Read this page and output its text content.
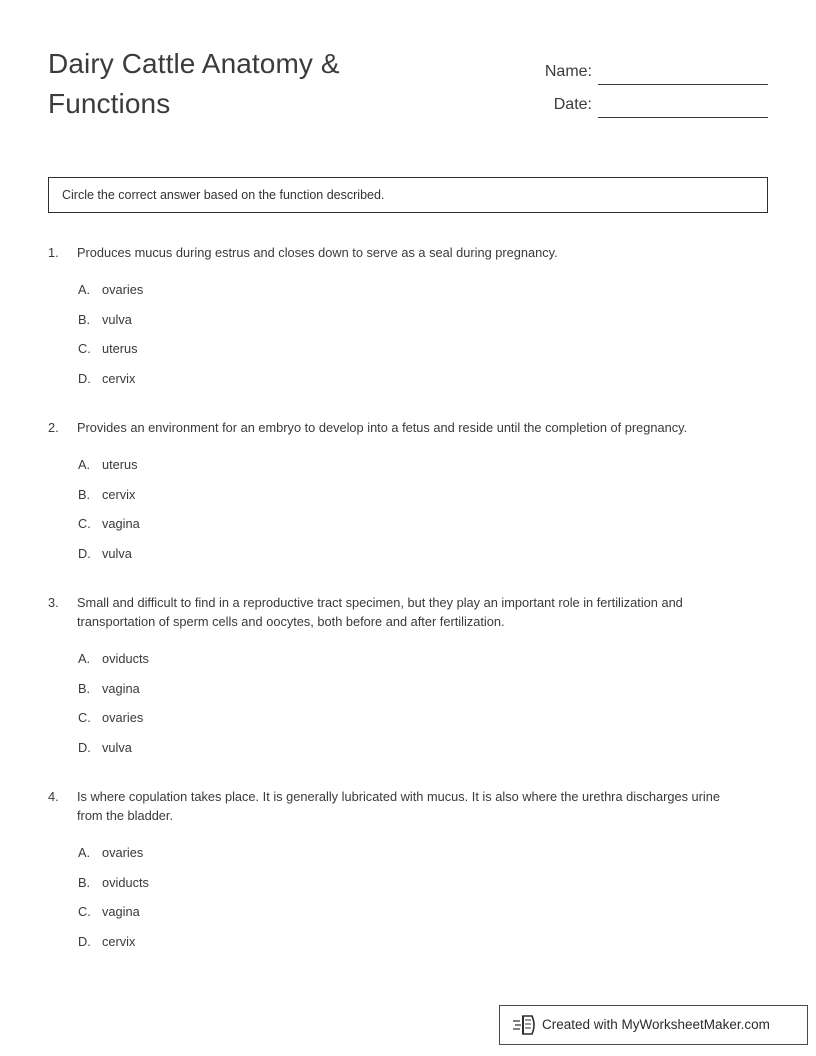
Dairy Cattle Anatomy & Functions
Name:
Date:
Circle the correct answer based on the function described.
1.	Produces mucus during estrus and closes down to serve as a seal during pregnancy.
A. ovaries
B. vulva
C. uterus
D. cervix
2.	Provides an environment for an embryo to develop into a fetus and reside until the completion of pregnancy.
A. uterus
B. cervix
C. vagina
D. vulva
3.	Small and difficult to find in a reproductive tract specimen, but they play an important role in fertilization and transportation of sperm cells and oocytes, both before and after fertilization.
A. oviducts
B. vagina
C. ovaries
D. vulva
4.	Is where copulation takes place. It is generally lubricated with mucus. It is also where the urethra discharges urine from the bladder.
A. ovaries
B. oviducts
C. vagina
D. cervix
Created with MyWorksheetMaker.com
